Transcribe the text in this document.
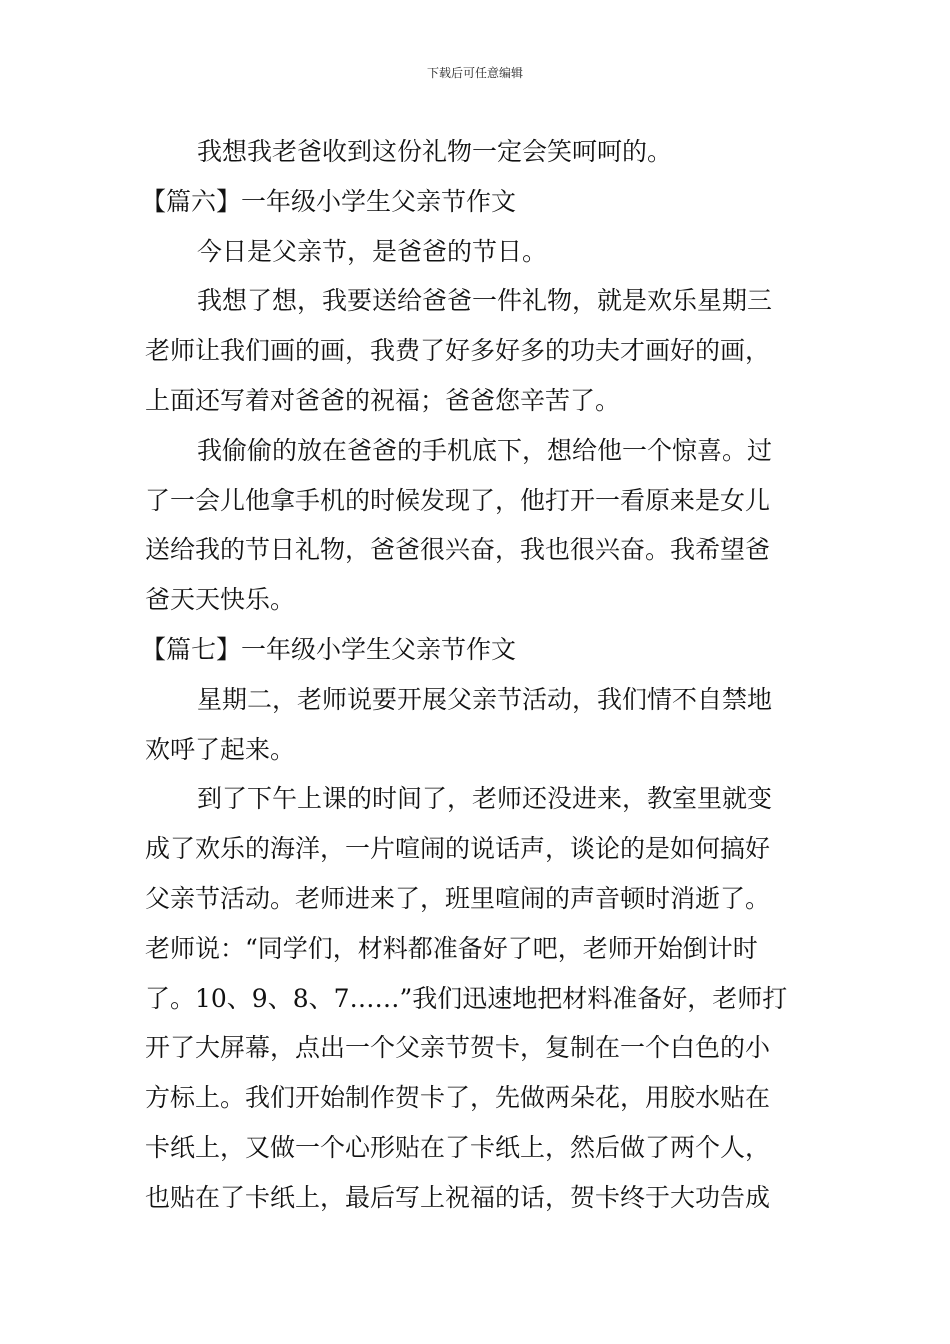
下载后可任意编辑
我想我老爸收到这份礼物一定会笑呵呵的。
【篇六】一年级小学生父亲节作文
今日是父亲节，是爸爸的节日。
我想了想，我要送给爸爸一件礼物，就是欢乐星期三
老师让我们画的画，我费了好多好多的功夫才画好的画，
上面还写着对爸爸的祝福；爸爸您辛苦了。
我偷偷的放在爸爸的手机底下，想给他一个惊喜。过
了一会儿他拿手机的时候发现了，他打开一看原来是女儿
送给我的节日礼物，爸爸很兴奋，我也很兴奋。我希望爸
爸天天快乐。
【篇七】一年级小学生父亲节作文
星期二，老师说要开展父亲节活动，我们情不自禁地
欢呼了起来。
到了下午上课的时间了，老师还没进来，教室里就变
成了欢乐的海洋，一片喧闹的说话声，谈论的是如何搞好
父亲节活动。老师进来了，班里喧闹的声音顿时消逝了。
老师说：“同学们，材料都准备好了吧，老师开始倒计时
了。10、9、8、7……”我们迅速地把材料准备好，老师打
开了大屏幕，点出一个父亲节贺卡，复制在一个白色的小
方标上。我们开始制作贺卡了，先做两朵花，用胶水贴在
卡纸上，又做一个心形贴在了卡纸上，然后做了两个人，
也贴在了卡纸上，最后写上祝福的话，贺卡终于大功告成
